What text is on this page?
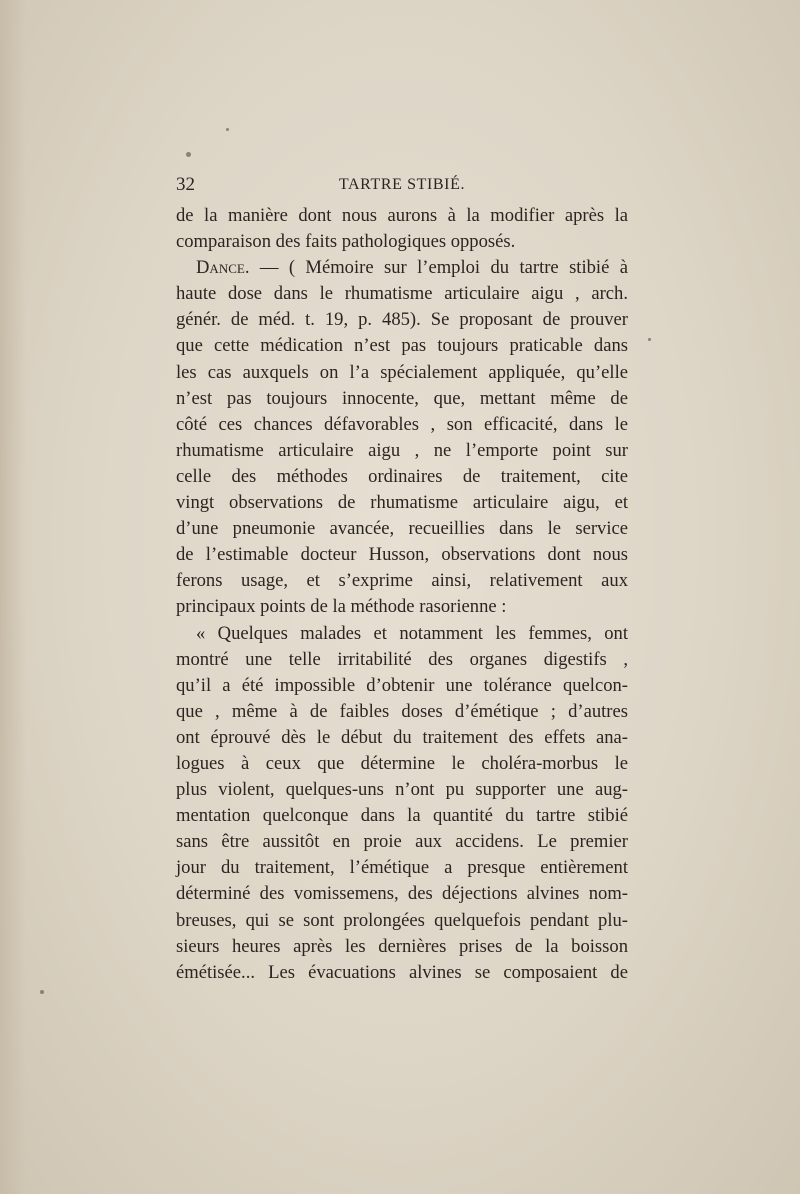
32	TARTRE STIBIÉ.
de la manière dont nous aurons à la modifier après la
comparaison des faits pathologiques opposés.
Dance. — ( Mémoire sur l’emploi du tartre stibié à
haute dose dans le rhumatisme articulaire aigu , arch.
génér. de méd. t. 19, p. 485). Se proposant de prouver
que cette médication n’est pas toujours praticable dans
les cas auxquels on l’a spécialement appliquée, qu’elle
n’est pas toujours innocente, que, mettant même de
côté ces chances défavorables , son efficacité, dans le
rhumatisme articulaire aigu , ne l’emporte point sur
celle des méthodes ordinaires de traitement, cite
vingt observations de rhumatisme articulaire aigu, et
d’une pneumonie avancée, recueillies dans le service
de l’estimable docteur Husson, observations dont nous
ferons usage, et s’exprime ainsi, relativement aux
principaux points de la méthode rasorienne :
« Quelques malades et notamment les femmes, ont
montré une telle irritabilité des organes digestifs ,
qu’il a été impossible d’obtenir une tolérance quelcon-
que , même à de faibles doses d’émétique ; d’autres
ont éprouvé dès le début du traitement des effets ana-
logues à ceux que détermine le choléra-morbus le
plus violent, quelques-uns n’ont pu supporter une aug-
mentation quelconque dans la quantité du tartre stibié
sans être aussitôt en proie aux accidens. Le premier
jour du traitement, l’émétique a presque entièrement
déterminé des vomissemens, des déjections alvines nom-
breuses, qui se sont prolongées quelquefois pendant plu-
sieurs heures après les dernières prises de la boisson
émétisée... Les évacuations alvines se composaient de
